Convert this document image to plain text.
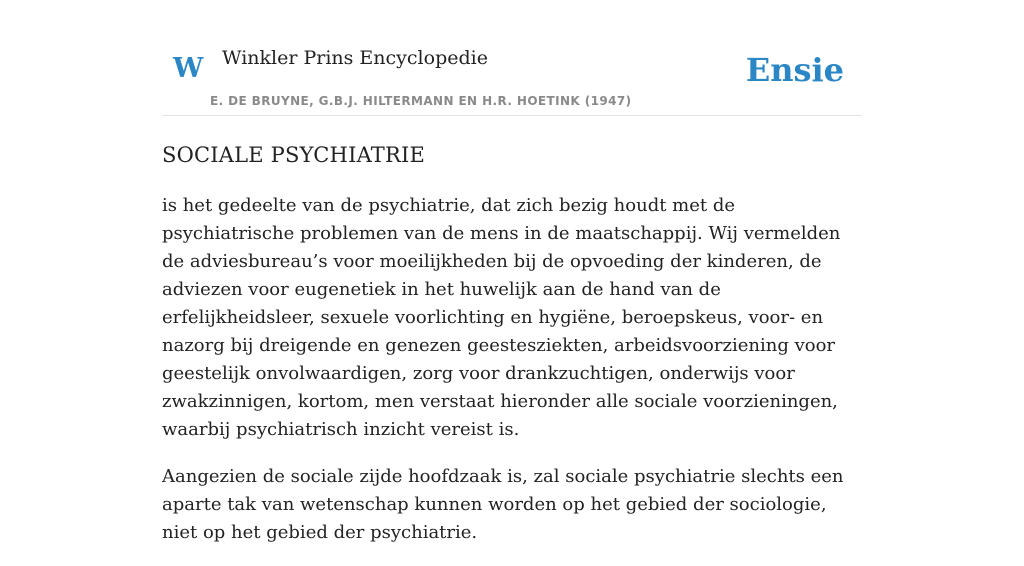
W Winkler Prins Encyclopedie
E. DE BRUYNE, G.B.J. HILTERMANN EN H.R. HOETINK (1947)
Ensie
SOCIALE PSYCHIATRIE

is het gedeelte van de psychiatrie, dat zich bezig houdt met de psychiatrische problemen van de mens in de maatschappij. Wij vermelden de adviesbureau’s voor moeilijkheden bij de opvoeding der kinderen, de adviezen voor eugenetiek in het huwelijk aan de hand van de erfelijkheidsleer, sexuele voorlichting en hygiëne, beroepskeus, voor- en nazorg bij dreigende en genezen geestesziekten, arbeidsvoorziening voor geestelijk onvolwaardigen, zorg voor drankzuchtigen, onderwijs voor zwakzinnigen, kortom, men verstaat hieronder alle sociale voorzieningen, waarbij psychiatrisch inzicht vereist is.

Aangezien de sociale zijde hoofdzaak is, zal sociale psychiatrie slechts een aparte tak van wetenschap kunnen worden op het gebied der sociologie, niet op het gebied der psychiatrie.
